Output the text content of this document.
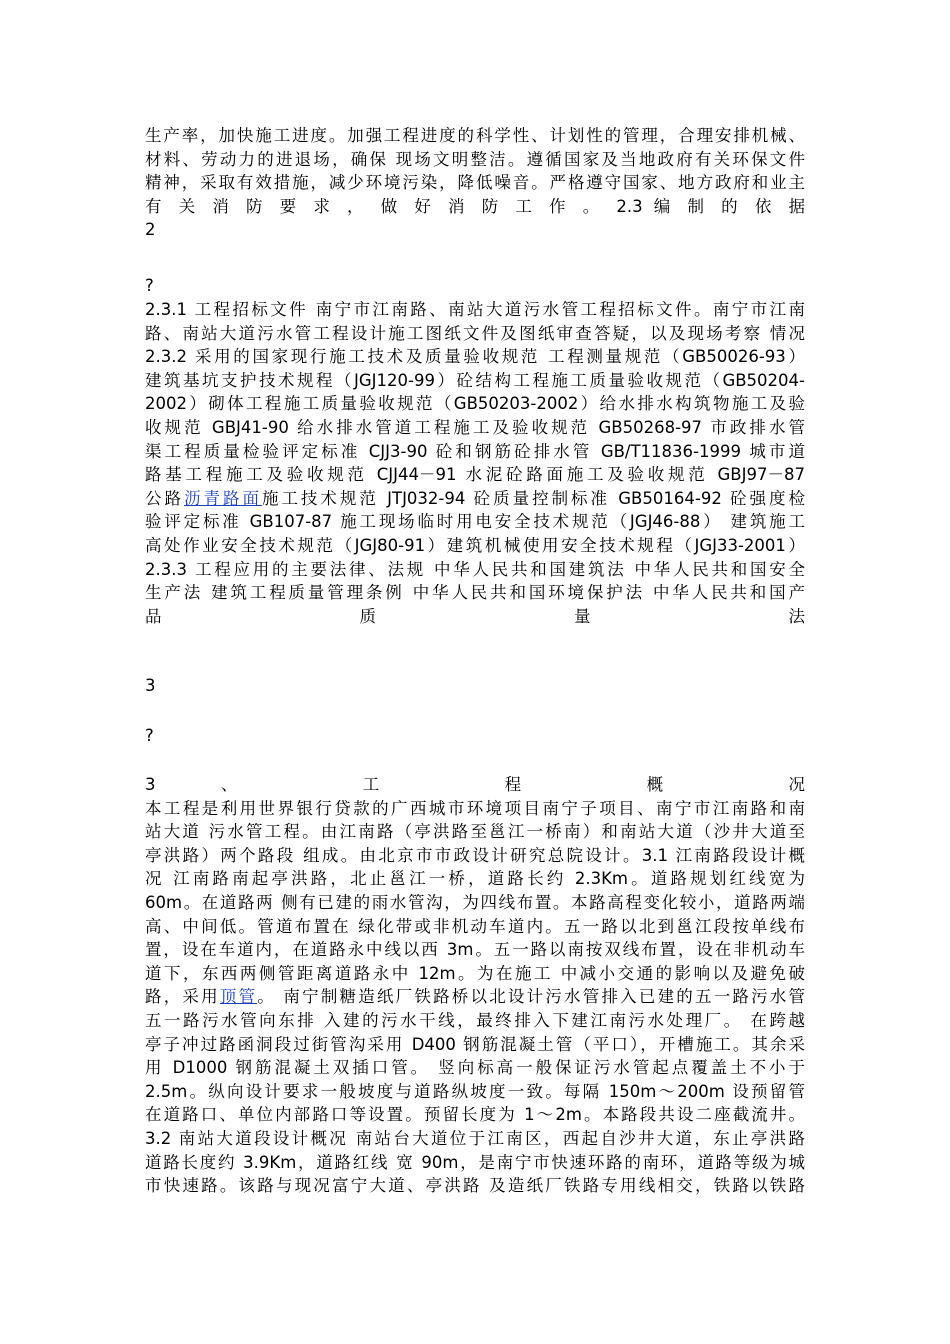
生产率，加快施工进度。加强工程进度的科学性、计划性的管理，合理安排机械、
材料、劳动力的进退场，确保 现场文明整洁。遵循国家及当地政府有关环保文件
精神，采取有效措施，减少环境污染，降低噪音。严格遵守国家、地方政府和业主
有 关 消 防 要 求 ， 做 好 消 防 工 作 。 2.3 编 制 的 依 据
2
?
2.3.1 工程招标文件 南宁市江南路、南站大道污水管工程招标文件。南宁市江南
路、南站大道污水管工程设计施工图纸文件及图纸审查答疑，以及现场考察 情况
2.3.2 采用的国家现行施工技术及质量验收规范 工程测量规范（GB50026-93）
建筑基坑支护技术规程（JGJ120-99）砼结构工程施工质量验收规范（GB50204-
2002）砌体工程施工质量验收规范（GB50203-2002）给水排水构筑物施工及验
收规范 GBJ41-90 给水排水管道工程施工及验收规范 GB50268-97 市政排水管
渠工程质量检验评定标准 CJJ3-90 砼和钢筋砼排水管 GB/T11836-1999 城市道
路基工程施工及验收规范 CJJ44－91 水泥砼路面施工及验收规范 GBJ97－87
公路沥青路面施工技术规范 JTJ032-94 砼质量控制标准 GB50164-92 砼强度检
验评定标准 GB107-87 施工现场临时用电安全技术规范（JGJ46-88） 建筑施工
高处作业安全技术规范（JGJ80-91）建筑机械使用安全技术规程（JGJ33-2001）
2.3.3 工程应用的主要法律、法规 中华人民共和国建筑法 中华人民共和国安全
生产法 建筑工程质量管理条例 中华人民共和国环境保护法 中华人民共和国产
品 质 量 法
3
?
3 、 工 程 概 况
本工程是利用世界银行贷款的广西城市环境项目南宁子项目、南宁市江南路和南
站大道 污水管工程。由江南路（亭洪路至邕江一桥南）和南站大道（沙井大道至
亭洪路）两个路段 组成。由北京市市政设计研究总院设计。3.1 江南路段设计概
况 江南路南起亭洪路，北止邕江一桥，道路长约 2.3Km。道路规划红线宽为
60m。在道路两 侧有已建的雨水管沟，为四线布置。本路高程变化较小，道路两端
高、中间低。管道布置在 绿化带或非机动车道内。五一路以北到邕江段按单线布
置，设在车道内，在道路永中线以西 3m。五一路以南按双线布置，设在非机动车
道下，东西两侧管距离道路永中 12m。为在施工 中减小交通的影响以及避免破
路，采用顶管。 南宁制糖造纸厂铁路桥以北设计污水管排入已建的五一路污水管
五一路污水管向东排 入建的污水干线，最终排入下建江南污水处理厂。 在跨越
亭子冲过路函洞段过街管沟采用 D400 钢筋混凝土管（平口），开槽施工。其余采
用 D1000 钢筋混凝土双插口管。 竖向标高一般保证污水管起点覆盖土不小于
2.5m。纵向设计要求一般坡度与道路纵坡度一致。每隔 150m～200m 设预留管
在道路口、单位内部路口等设置。预留长度为 1～2m。本路段共设二座截流井。
3.2 南站大道段设计概况 南站台大道位于江南区，西起自沙井大道，东止亭洪路
道路长度约 3.9Km，道路红线 宽 90m，是南宁市快速环路的南环，道路等级为城
市快速路。该路与现况富宁大道、亭洪路 及造纸厂铁路专用线相交，铁路以铁路
